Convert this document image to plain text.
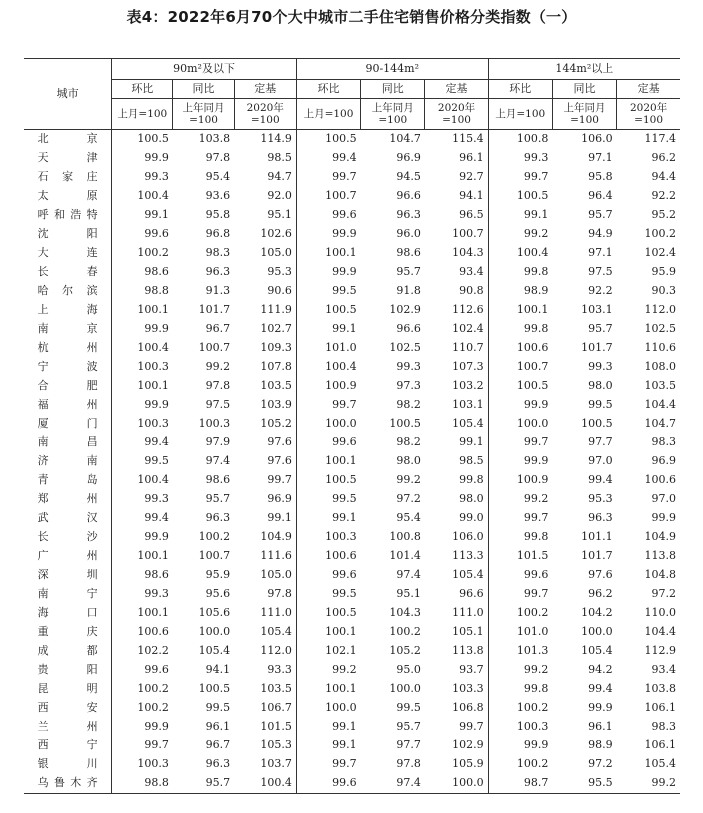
表4：2022年6月70个大中城市二手住宅销售价格分类指数（一）
城市	90m²及以下			90-144m²			144m²以上		
	环比	同比	定基	环比	同比	定基	环比	同比	定基

	上月=100	上年同月=100	2020年=100	上月=100	上年同月=100	2020年=100	上月=100	上年同月=100	2020年=100

北京	100.5	103.8	114.9	100.5	104.7	115.4	100.8	106.0	117.4
天津	99.9	97.8	98.5	99.4	96.9	96.1	99.3	97.1	96.2
石家庄	99.3	95.4	94.7	99.7	94.5	92.7	99.7	95.8	94.4
太原	100.4	93.6	92.0	100.7	96.6	94.1	100.5	96.4	92.2
呼和浩特	99.1	95.8	95.1	99.6	96.3	96.5	99.1	95.7	95.2
沈阳	99.6	96.8	102.6	99.9	96.0	100.7	99.2	94.9	100.2
大连	100.2	98.3	105.0	100.1	98.6	104.3	100.4	97.1	102.4
长春	98.6	96.3	95.3	99.9	95.7	93.4	99.8	97.5	95.9
哈尔滨	98.8	91.3	90.6	99.5	91.8	90.8	98.9	92.2	90.3
上海	100.1	101.7	111.9	100.5	102.9	112.6	100.1	103.1	112.0
南京	99.9	96.7	102.7	99.1	96.6	102.4	99.8	95.7	102.5
杭州	100.4	100.7	109.3	101.0	102.5	110.7	100.6	101.7	110.6
宁波	100.3	99.2	107.8	100.4	99.3	107.3	100.7	99.3	108.0
合肥	100.1	97.8	103.5	100.9	97.3	103.2	100.5	98.0	103.5
福州	99.9	97.5	103.9	99.7	98.2	103.1	99.9	99.5	104.4
厦门	100.3	100.3	105.2	100.0	100.5	105.4	100.0	100.5	104.7
南昌	99.4	97.9	97.6	99.6	98.2	99.1	99.7	97.7	98.3
济南	99.5	97.4	97.6	100.1	98.0	98.5	99.9	97.0	96.9
青岛	100.4	98.6	99.7	100.5	99.2	99.8	100.9	99.4	100.6
郑州	99.3	95.7	96.9	99.5	97.2	98.0	99.2	95.3	97.0
武汉	99.4	96.3	99.1	99.1	95.4	99.0	99.7	96.3	99.9
长沙	99.9	100.2	104.9	100.3	100.8	106.0	99.8	101.1	104.9
广州	100.1	100.7	111.6	100.6	101.4	113.3	101.5	101.7	113.8
深圳	98.6	95.9	105.0	99.6	97.4	105.4	99.6	97.6	104.8
南宁	99.3	95.6	97.8	99.5	95.1	96.6	99.7	96.2	97.2
海口	100.1	105.6	111.0	100.5	104.3	111.0	100.2	104.2	110.0
重庆	100.6	100.0	105.4	100.1	100.2	105.1	101.0	100.0	104.4
成都	102.2	105.4	112.0	102.1	105.2	113.8	101.3	105.4	112.9
贵阳	99.6	94.1	93.3	99.2	95.0	93.7	99.2	94.2	93.4
昆明	100.2	100.5	103.5	100.1	100.0	103.3	99.8	99.4	103.8
西安	100.2	99.5	106.7	100.0	99.5	106.8	100.2	99.9	106.1
兰州	99.9	96.1	101.5	99.1	95.7	99.7	100.3	96.1	98.3
西宁	99.7	96.7	105.3	99.1	97.7	102.9	99.9	98.9	106.1
银川	100.3	96.3	103.7	99.7	97.8	105.9	100.2	97.2	105.4
乌鲁木齐	98.8	95.7	100.4	99.6	97.4	100.0	98.7	95.5	99.2
